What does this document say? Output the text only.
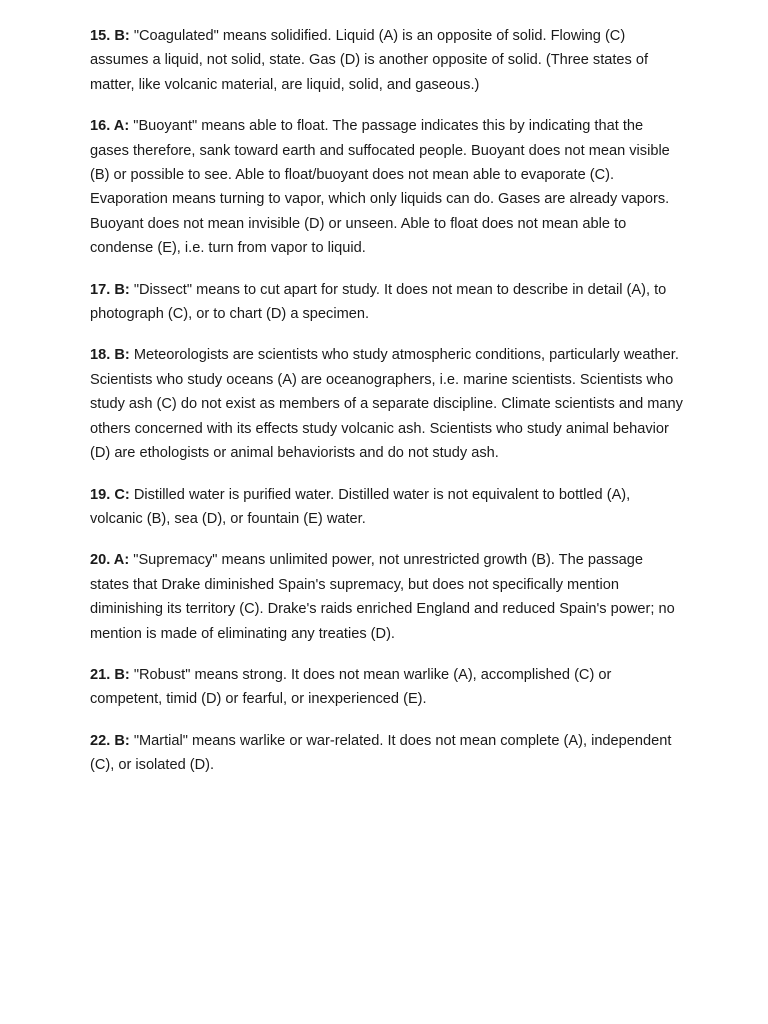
15. B: "Coagulated" means solidified. Liquid (A) is an opposite of solid. Flowing (C) assumes a liquid, not solid, state. Gas (D) is another opposite of solid. (Three states of matter, like volcanic material, are liquid, solid, and gaseous.)

16. A: "Buoyant" means able to float. The passage indicates this by indicating that the gases therefore, sank toward earth and suffocated people. Buoyant does not mean visible (B) or possible to see. Able to float/buoyant does not mean able to evaporate (C). Evaporation means turning to vapor, which only liquids can do. Gases are already vapors. Buoyant does not mean invisible (D) or unseen. Able to float does not mean able to condense (E), i.e. turn from vapor to liquid.

17. B: "Dissect" means to cut apart for study. It does not mean to describe in detail (A), to photograph (C), or to chart (D) a specimen.

18. B: Meteorologists are scientists who study atmospheric conditions, particularly weather. Scientists who study oceans (A) are oceanographers, i.e. marine scientists. Scientists who study ash (C) do not exist as members of a separate discipline. Climate scientists and many others concerned with its effects study volcanic ash. Scientists who study animal behavior (D) are ethologists or animal behaviorists and do not study ash.

19. C: Distilled water is purified water. Distilled water is not equivalent to bottled (A), volcanic (B), sea (D), or fountain (E) water.

20. A: "Supremacy" means unlimited power, not unrestricted growth (B). The passage states that Drake diminished Spain's supremacy, but does not specifically mention diminishing its territory (C). Drake's raids enriched England and reduced Spain's power; no mention is made of eliminating any treaties (D).

21. B: "Robust" means strong. It does not mean warlike (A), accomplished (C) or competent, timid (D) or fearful, or inexperienced (E).

22. B: "Martial" means warlike or war-related. It does not mean complete (A), independent (C), or isolated (D).
